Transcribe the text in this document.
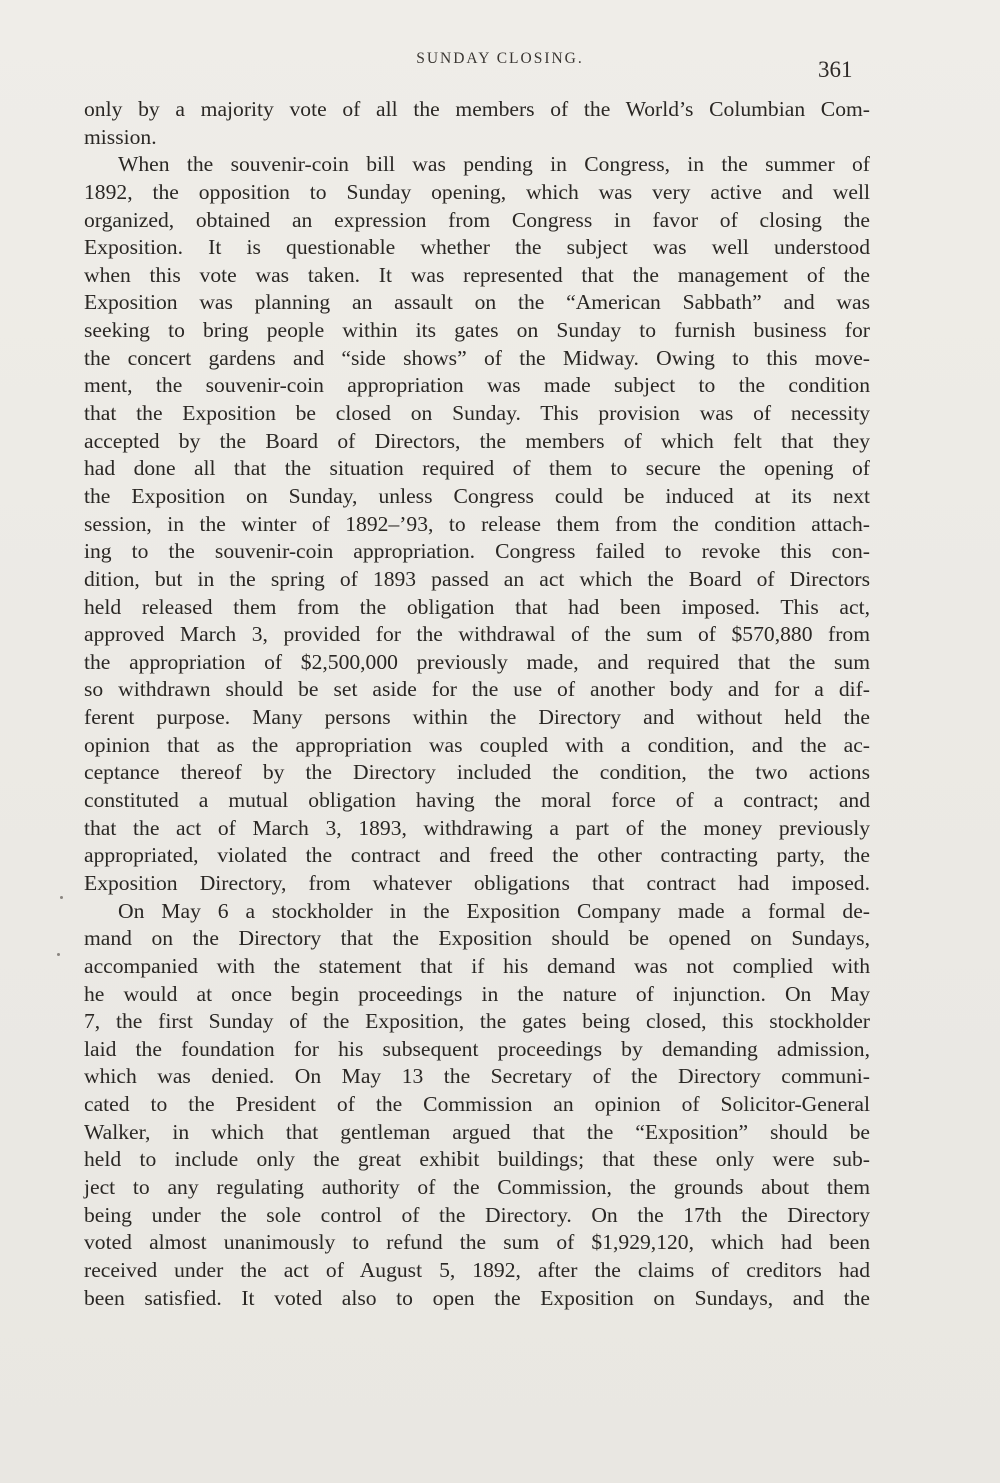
SUNDAY CLOSING.	361
only by a majority vote of all the members of the World’s Columbian Com-
mission.
When the souvenir-coin bill was pending in Congress, in the summer of
1892, the opposition to Sunday opening, which was very active and well
organized, obtained an expression from Congress in favor of closing the
Exposition. It is questionable whether the subject was well understood
when this vote was taken. It was represented that the management of the
Exposition was planning an assault on the “American Sabbath” and was
seeking to bring people within its gates on Sunday to furnish business for
the concert gardens and “side shows” of the Midway. Owing to this move-
ment, the souvenir-coin appropriation was made subject to the condition
that the Exposition be closed on Sunday. This provision was of necessity
accepted by the Board of Directors, the members of which felt that they
had done all that the situation required of them to secure the opening of
the Exposition on Sunday, unless Congress could be induced at its next
session, in the winter of 1892–’93, to release them from the condition attach-
ing to the souvenir-coin appropriation. Congress failed to revoke this con-
dition, but in the spring of 1893 passed an act which the Board of Directors
held released them from the obligation that had been imposed. This act,
approved March 3, provided for the withdrawal of the sum of $570,880 from
the appropriation of $2,500,000 previously made, and required that the sum
so withdrawn should be set aside for the use of another body and for a dif-
ferent purpose. Many persons within the Directory and without held the
opinion that as the appropriation was coupled with a condition, and the ac-
ceptance thereof by the Directory included the condition, the two actions
constituted a mutual obligation having the moral force of a contract; and
that the act of March 3, 1893, withdrawing a part of the money previously
appropriated, violated the contract and freed the other contracting party, the
Exposition Directory, from whatever obligations that contract had imposed.
On May 6 a stockholder in the Exposition Company made a formal de-
mand on the Directory that the Exposition should be opened on Sundays,
accompanied with the statement that if his demand was not complied with
he would at once begin proceedings in the nature of injunction. On May
7, the first Sunday of the Exposition, the gates being closed, this stockholder
laid the foundation for his subsequent proceedings by demanding admission,
which was denied. On May 13 the Secretary of the Directory communi-
cated to the President of the Commission an opinion of Solicitor-General
Walker, in which that gentleman argued that the “Exposition” should be
held to include only the great exhibit buildings; that these only were sub-
ject to any regulating authority of the Commission, the grounds about them
being under the sole control of the Directory. On the 17th the Directory
voted almost unanimously to refund the sum of $1,929,120, which had been
received under the act of August 5, 1892, after the claims of creditors had
been satisfied. It voted also to open the Exposition on Sundays, and the
